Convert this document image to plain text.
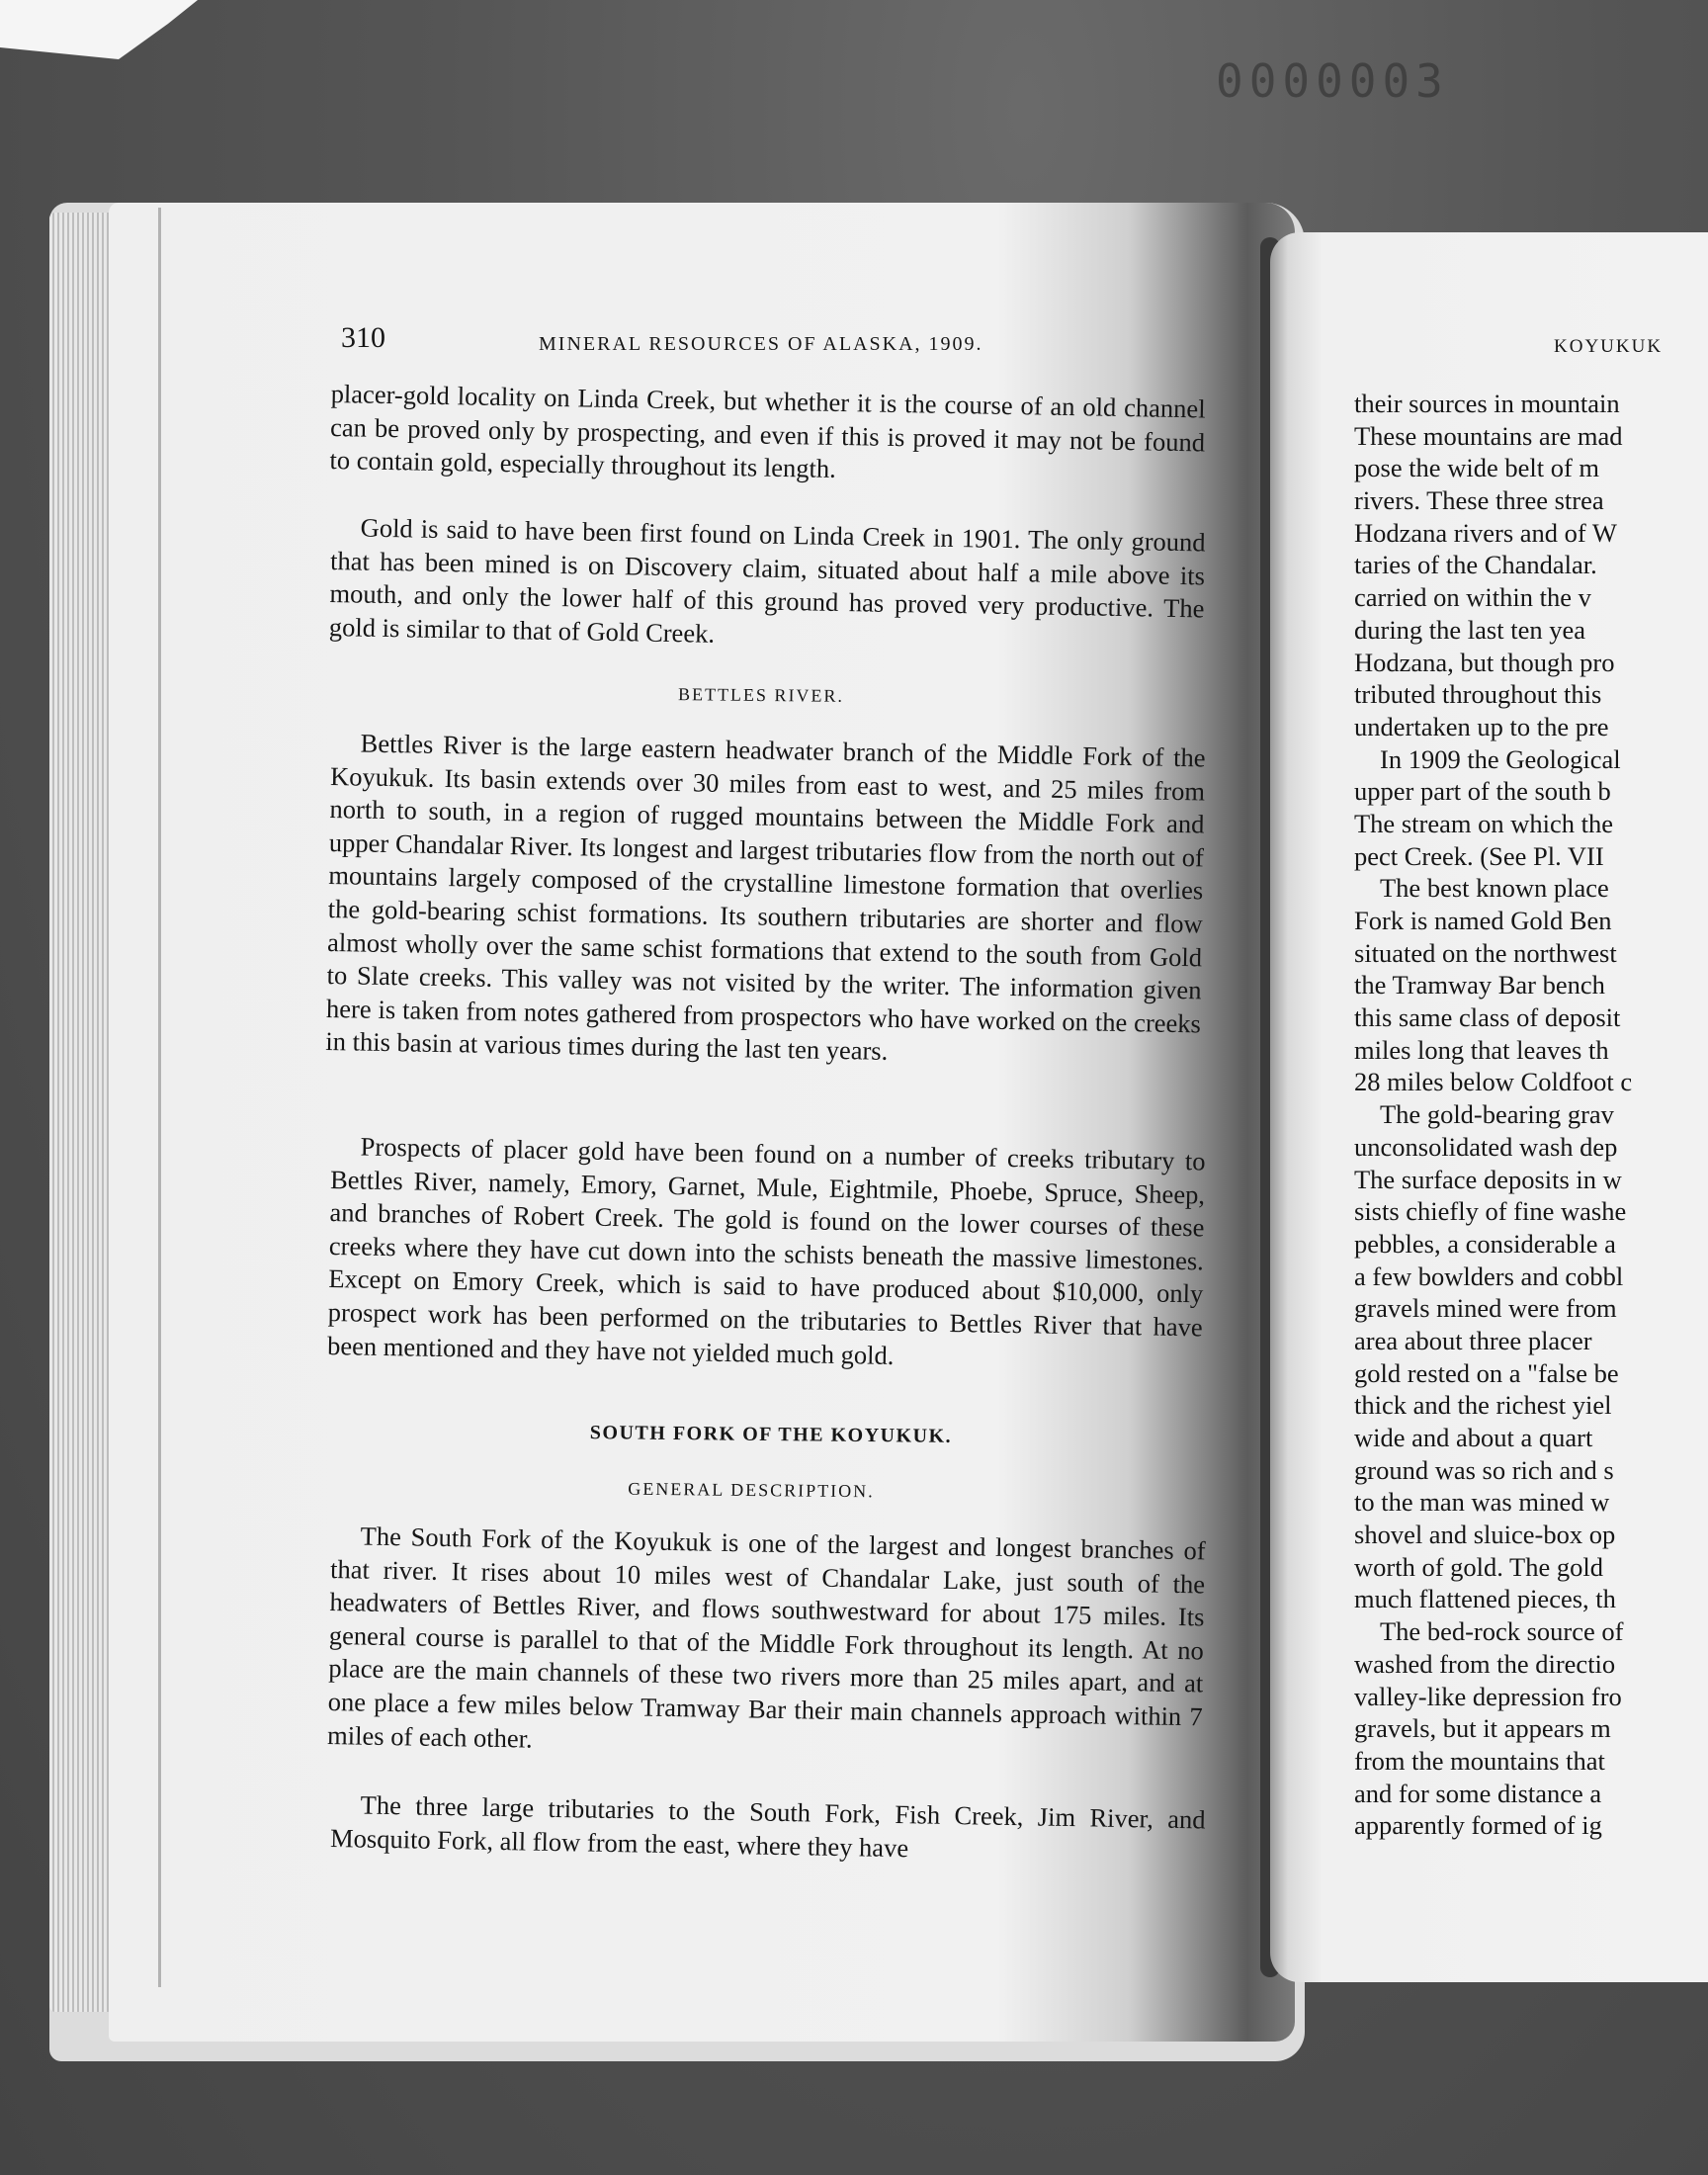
0000003
310	MINERAL RESOURCES OF ALASKA, 1909.

placer-gold locality on Linda Creek, but whether it is the course of an old channel can be proved only by prospecting, and even if this is proved it may not be found to contain gold, especially throughout its length.

Gold is said to have been first found on Linda Creek in 1901. The only ground that has been mined is on Discovery claim, situated about half a mile above its mouth, and only the lower half of this ground has proved very productive. The gold is similar to that of Gold Creek.

BETTLES RIVER.

Bettles River is the large eastern headwater branch of the Middle Fork of the Koyukuk. Its basin extends over 30 miles from east to west, and 25 miles from north to south, in a region of rugged mountains between the Middle Fork and upper Chandalar River. Its longest and largest tributaries flow from the north out of mountains largely composed of the crystalline limestone formation that overlies the gold-bearing schist formations. Its southern tributaries are shorter and flow almost wholly over the same schist formations that extend to the south from Gold to Slate creeks. This valley was not visited by the writer. The information given here is taken from notes gathered from prospectors who have worked on the creeks in this basin at various times during the last ten years.

Prospects of placer gold have been found on a number of creeks tributary to Bettles River, namely, Emory, Garnet, Mule, Eightmile, Phoebe, Spruce, Sheep, and branches of Robert Creek. The gold is found on the lower courses of these creeks where they have cut down into the schists beneath the massive limestones. Except on Emory Creek, which is said to have produced about $10,000, only prospect work has been performed on the tributaries to Bettles River that have been mentioned and they have not yielded much gold.

SOUTH FORK OF THE KOYUKUK.
GENERAL DESCRIPTION.

The South Fork of the Koyukuk is one of the largest and longest branches of that river. It rises about 10 miles west of Chandalar Lake, just south of the headwaters of Bettles River, and flows southwestward for about 175 miles. Its general course is parallel to that of the Middle Fork throughout its length. At no place are the main channels of these two rivers more than 25 miles apart, and at one place a few miles below Tramway Bar their main channels approach within 7 miles of each other.

The three large tributaries to the South Fork, Fish Creek, Jim River, and Mosquito Fork, all flow from the east, where they have

KOYUKUK
their sources in mountain
These mountains are mad
pose the wide belt of m
rivers. These three strea
Hodzana rivers and of W
taries of the Chandalar.
carried on within the v
during the last ten yea
Hodzana, but though pro
tributed throughout this
undertaken up to the pre
In 1909 the Geological
upper part of the south b
The stream on which the
pect Creek. (See Pl. VII
The best known place
Fork is named Gold Ben
situated on the northwest
the Tramway Bar bench
this same class of deposit
miles long that leaves th
28 miles below Coldfoot c
The gold-bearing grav
unconsolidated wash dep
The surface deposits in w
sists chiefly of fine washe
pebbles, a considerable a
a few bowlders and cobbl
gravels mined were from
area about three placer
gold rested on a "false be
thick and the richest yiel
wide and about a quart
ground was so rich and s
to the man was mined w
shovel and sluice-box op
worth of gold. The gold
much flattened pieces, th
The bed-rock source of
washed from the directio
valley-like depression fro
gravels, but it appears m
from the mountains that
and for some distance a
apparently formed of ig
